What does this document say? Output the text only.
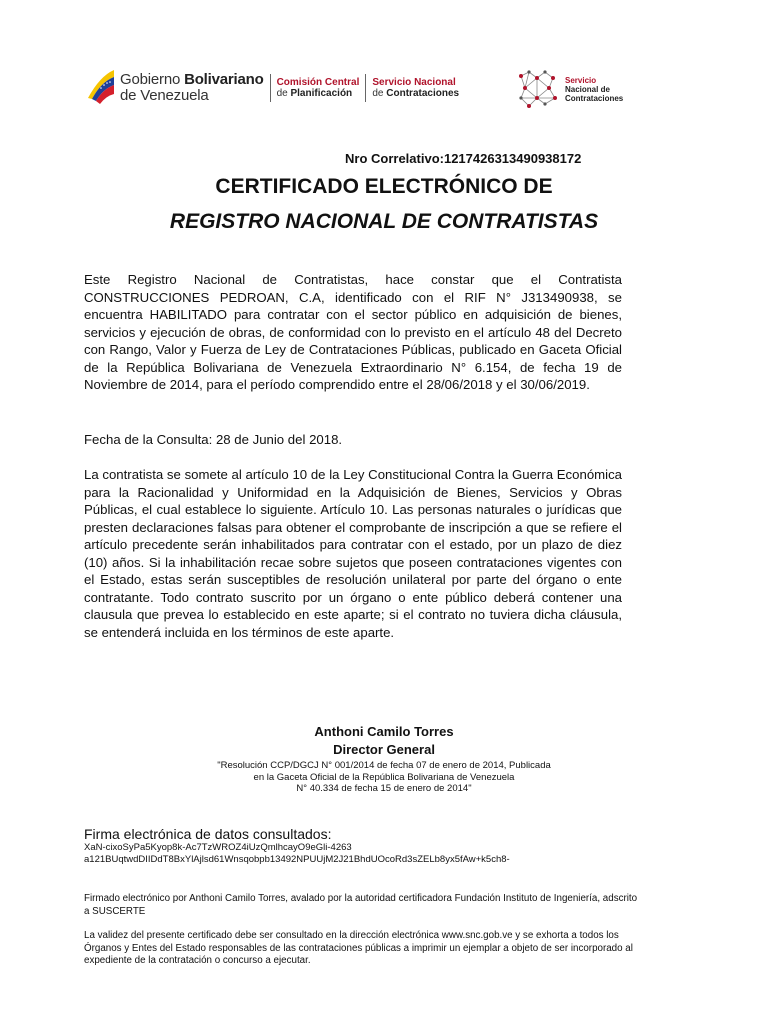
Gobierno Bolivariano
de Venezuela
Comisión Central
de Planificación
Servicio Nacional
de Contrataciones
Servicio
Nacional de
Contrataciones
Nro Correlativo:1217426313490938172
CERTIFICADO ELECTRÓNICO DE
REGISTRO NACIONAL DE CONTRATISTAS
Este Registro Nacional de Contratistas, hace constar que el Contratista CONSTRUCCIONES PEDROAN, C.A, identificado con el RIF N° J313490938, se encuentra HABILITADO para contratar con el sector público en adquisición de bienes, servicios y ejecución de obras, de conformidad con lo previsto en el artículo 48 del Decreto con Rango, Valor y Fuerza de Ley de Contrataciones Públicas, publicado en Gaceta Oficial de la República Bolivariana de Venezuela Extraordinario N° 6.154, de fecha 19 de Noviembre de 2014, para el período comprendido entre el 28/06/2018 y el 30/06/2019.
Fecha de la Consulta: 28 de Junio del 2018.
La contratista se somete al artículo 10 de la Ley Constitucional Contra la Guerra Económica para la Racionalidad y Uniformidad en la Adquisición de Bienes, Servicios y Obras Públicas, el cual establece lo siguiente. Artículo 10. Las personas naturales o jurídicas que presten declaraciones falsas para obtener el comprobante de inscripción a que se refiere el artículo precedente serán inhabilitados para contratar con el estado, por un plazo de diez (10) años. Si la inhabilitación recae sobre sujetos que poseen contrataciones vigentes con el Estado, estas serán susceptibles de resolución unilateral por parte del órgano o ente contratante. Todo contrato suscrito por un órgano o ente público deberá contener una clausula que prevea lo establecido en este aparte; si el contrato no tuviera dicha cláusula, se entenderá incluida en los términos de este aparte.
Anthoni Camilo Torres
Director General
"Resolución CCP/DGCJ N° 001/2014 de fecha 07 de enero de 2014, Publicada
en la Gaceta Oficial de la República Bolivariana de Venezuela
N° 40.334 de fecha 15 de enero de 2014"
Firma electrónica de datos consultados:
XaN-cixoSyPa5Kyop8k-Ac7TzWROZ4iUzQmlhcayO9eGli-4263
a121BUqtwdDIIDdT8BxYlAjlsd61Wnsqobpb13492NPUUjM2J21BhdUOcoRd3sZELb8yx5fAw+k5ch8-
Firmado electrónico por Anthoni Camilo Torres, avalado por la autoridad certificadora Fundación Instituto de Ingeniería, adscrito a SUSCERTE
La validez del presente certificado debe ser consultado en la dirección electrónica www.snc.gob.ve y se exhorta a todos los Órganos y Entes del Estado responsables de las contrataciones públicas a imprimir un ejemplar a objeto de ser incorporado al expediente de la contratación o concurso a ejecutar.
